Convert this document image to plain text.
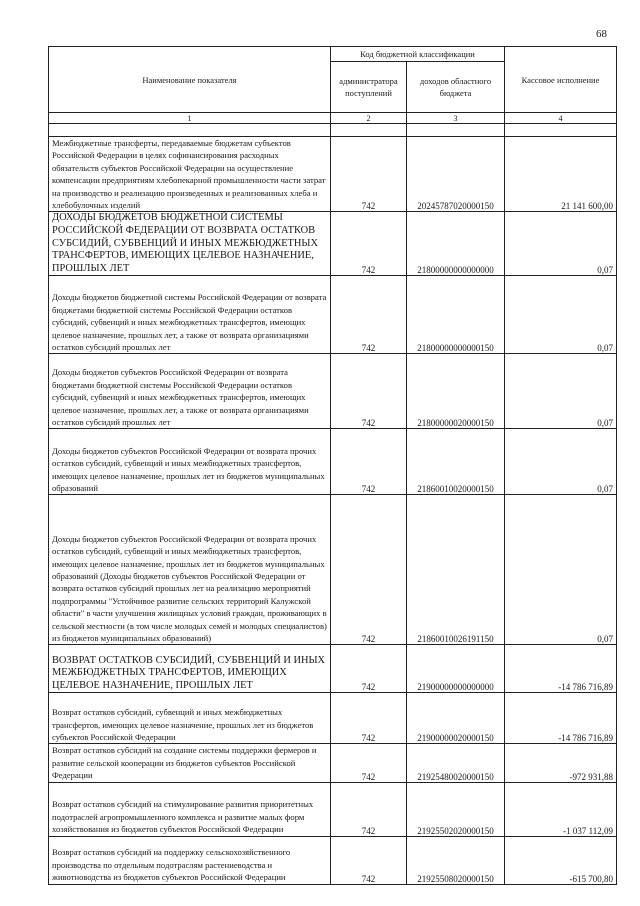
68
Наименование показателя	Код бюджетной классификации		Кассовое исполнение
	администратора поступлений	доходов областного бюджета	
1	2	3	4

Межбюджетные трансферты, передаваемые бюджетам субъектов Российской Федерации в целях софинансирования расходных обязательств субъектов Российской Федерации на осуществление компенсации предприятиям хлебопекарной промышленности части затрат на производство и реализацию произведенных и реализованных хлеба и хлебобулочных изделий	742	20245787020000150	21 141 600,00
ДОХОДЫ БЮДЖЕТОВ БЮДЖЕТНОЙ СИСТЕМЫ РОССИЙСКОЙ ФЕДЕРАЦИИ ОТ ВОЗВРАТА ОСТАТКОВ СУБСИДИЙ, СУБВЕНЦИЙ И ИНЫХ МЕЖБЮДЖЕТНЫХ ТРАНСФЕРТОВ, ИМЕЮЩИХ ЦЕЛЕВОЕ НАЗНАЧЕНИЕ, ПРОШЛЫХ ЛЕТ	742	21800000000000000	0,07
Доходы бюджетов бюджетной системы Российской Федерации от возврата бюджетами бюджетной системы Российской Федерации остатков субсидий, субвенций и иных межбюджетных трансфертов, имеющих целевое назначение, прошлых лет, а также от возврата организациями остатков субсидий прошлых лет	742	21800000000000150	0,07
Доходы бюджетов субъектов Российской Федерации от возврата бюджетами бюджетной системы Российской Федерации остатков субсидий, субвенций и иных межбюджетных трансфертов, имеющих целевое назначение, прошлых лет, а также от возврата организациями остатков субсидий прошлых лет	742	21800000020000150	0,07
Доходы бюджетов субъектов Российской Федерации от возврата прочих остатков субсидий, субвенций и иных межбюджетных трансфертов, имеющих целевое назначение, прошлых лет из бюджетов муниципальных образований	742	21860010020000150	0,07
Доходы бюджетов субъектов Российской Федерации от возврата прочих остатков субсидий, субвенций и иных межбюджетных трансфертов, имеющих целевое назначение, прошлых лет из бюджетов муниципальных образований (Доходы бюджетов субъектов Российской Федерации от возврата остатков субсидий прошлых лет на реализацию мероприятий подпрограммы "Устойчивое развитие сельских территорий Калужской области" в части улучшения жилищных условий граждан, проживающих в сельской местности (в том числе молодых семей и молодых специалистов) из бюджетов муниципальных образований)	742	21860010026191150	0,07
ВОЗВРАТ ОСТАТКОВ СУБСИДИЙ, СУБВЕНЦИЙ И ИНЫХ МЕЖБЮДЖЕТНЫХ ТРАНСФЕРТОВ, ИМЕЮЩИХ ЦЕЛЕВОЕ НАЗНАЧЕНИЕ, ПРОШЛЫХ ЛЕТ	742	21900000000000000	-14 786 716,89
Возврат остатков субсидий, субвенций и иных межбюджетных трансфертов, имеющих целевое назначение, прошлых лет из бюджетов субъектов Российской Федерации	742	21900000020000150	-14 786 716,89
Возврат остатков субсидий на создание системы поддержки фермеров и развитие сельской кооперации из бюджетов субъектов Российской Федерации	742	21925480020000150	-972 931,88
Возврат остатков субсидий на стимулирование развития приоритетных подотраслей агропромышленного комплекса и развитие малых форм хозяйствования из бюджетов субъектов Российской Федерации	742	21925502020000150	-1 037 112,09
Возврат остатков субсидий на поддержку сельскохозяйственного производства по отдельным подотраслям растениеводства и животноводства из бюджетов субъектов Российской Федерации	742	21925508020000150	-615 700,80
